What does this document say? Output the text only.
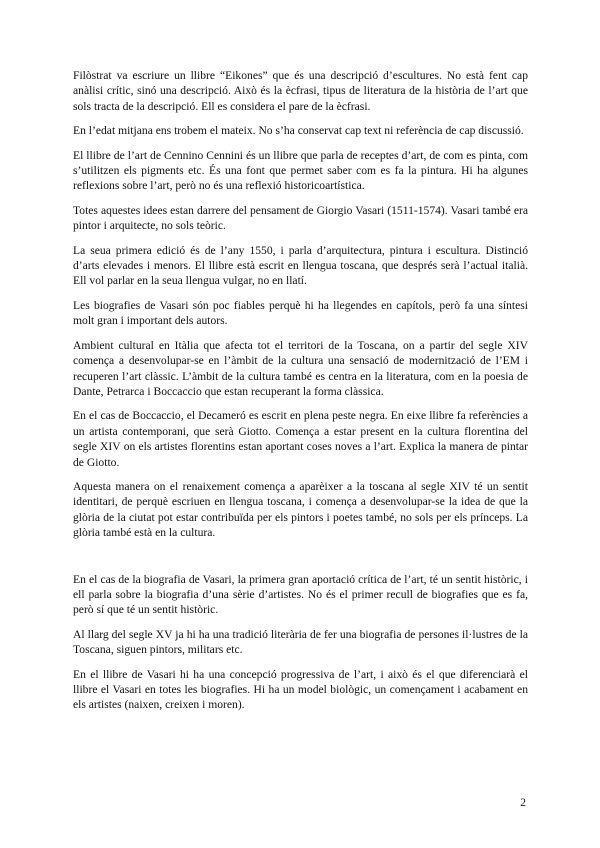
Filòstrat va escriure un llibre “Eikones” que és una descripció d’escultures. No està fent cap anàlisi crític, sinó una descripció. Això és la ècfrasi, tipus de literatura de la història de l’art que sols tracta de la descripció. Ell es considera el pare de la ècfrasi.

En l’edat mitjana ens trobem el mateix. No s’ha conservat cap text ni referència de cap discussió.

El llibre de l’art de Cennino Cennini és un llibre que parla de receptes d’art, de com es pinta, com s’utilitzen els pigments etc. És una font que permet saber com es fa la pintura. Hi ha algunes reflexions sobre l’art, però no és una reflexió historicoartística.

Totes aquestes idees estan darrere del pensament de Giorgio Vasari (1511-1574). Vasari també era pintor i arquitecte, no sols teòric.

La seua primera edició és de l’any 1550, i parla d’arquitectura, pintura i escultura. Distinció d’arts elevades i menors. El llibre està escrit en llengua toscana, que després serà l’actual italià. Ell vol parlar en la seua llengua vulgar, no en llatí.

Les biografies de Vasari són poc fiables perquè hi ha llegendes en capítols, però fa una síntesi molt gran i important dels autors.

Ambient cultural en Itàlia que afecta tot el territori de la Toscana, on a partir del segle XIV comença a desenvolupar-se en l’àmbit de la cultura una sensació de modernització de l’EM i recuperen l’art clàssic. L’àmbit de la cultura també es centra en la literatura, com en la poesia de Dante, Petrarca i Boccaccio que estan recuperant la forma clàssica.

En el cas de Boccaccio, el Decameró es escrit en plena peste negra. En eixe llibre fa referències a un artista contemporani, que serà Giotto. Comença a estar present en la cultura florentina del segle XIV on els artistes florentins estan aportant coses noves a l’art. Explica la manera de pintar de Giotto.

Aquesta manera on el renaixement comença a aparèixer a la toscana al segle XIV té un sentit identitari, de perquè escriuen en llengua toscana, i comença a desenvolupar-se la idea de que la glòria de la ciutat pot estar contribuïda per els pintors i poetes també, no sols per els prínceps. La glòria també està en la cultura.

En el cas de la biografia de Vasari, la primera gran aportació crítica de l’art, té un sentit històric, i ell parla sobre la biografia d’una sèrie d’artistes. No és el primer recull de biografies que es fa, però sí que té un sentit històric.

Al llarg del segle XV ja hi ha una tradició literària de fer una biografia de persones il·lustres de la Toscana, siguen pintors, militars etc.

En el llibre de Vasari hi ha una concepció progressiva de l’art, i això és el que diferenciarà el llibre el Vasari en totes les biografies. Hi ha un model biològic, un començament i acabament en els artistes (naixen, creixen i moren).

2
